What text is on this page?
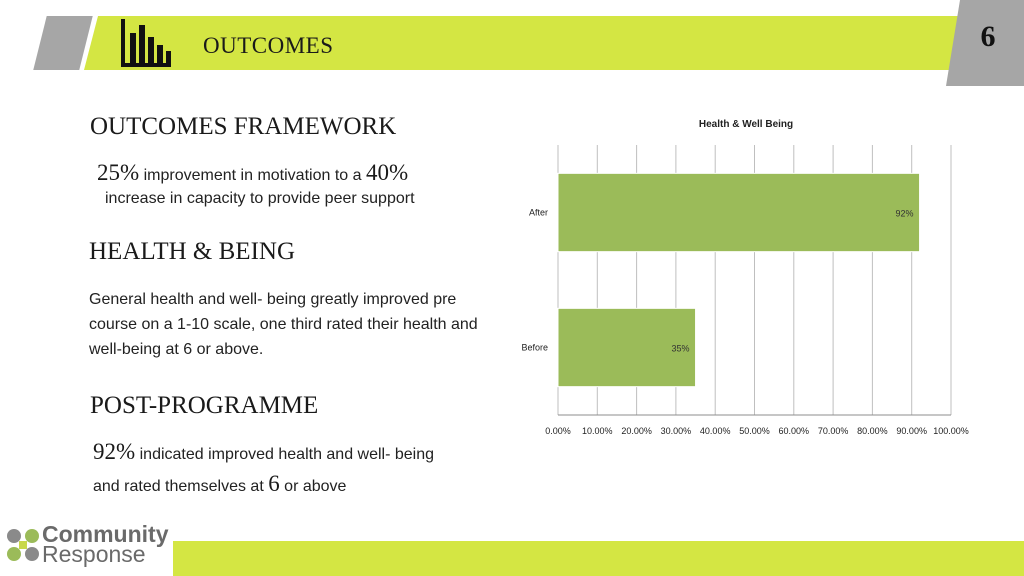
OUTCOMES	6
OUTCOMES FRAMEWORK
25% improvement in motivation to a 40%
increase in capacity to provide peer support
HEALTH & BEING
General health and well- being greatly improved pre course on a 1-10 scale, one third rated their health and well-being at 6 or above.
POST-PROGRAMME
92% indicated improved health and well- being
and rated themselves at 6 or above
Health & Well Being
0.00% 10.00% 20.00% 30.00% 40.00% 50.00% 60.00% 70.00% 80.00% 90.00% 100.00%
After	92%
Before	35%
Community
Response
